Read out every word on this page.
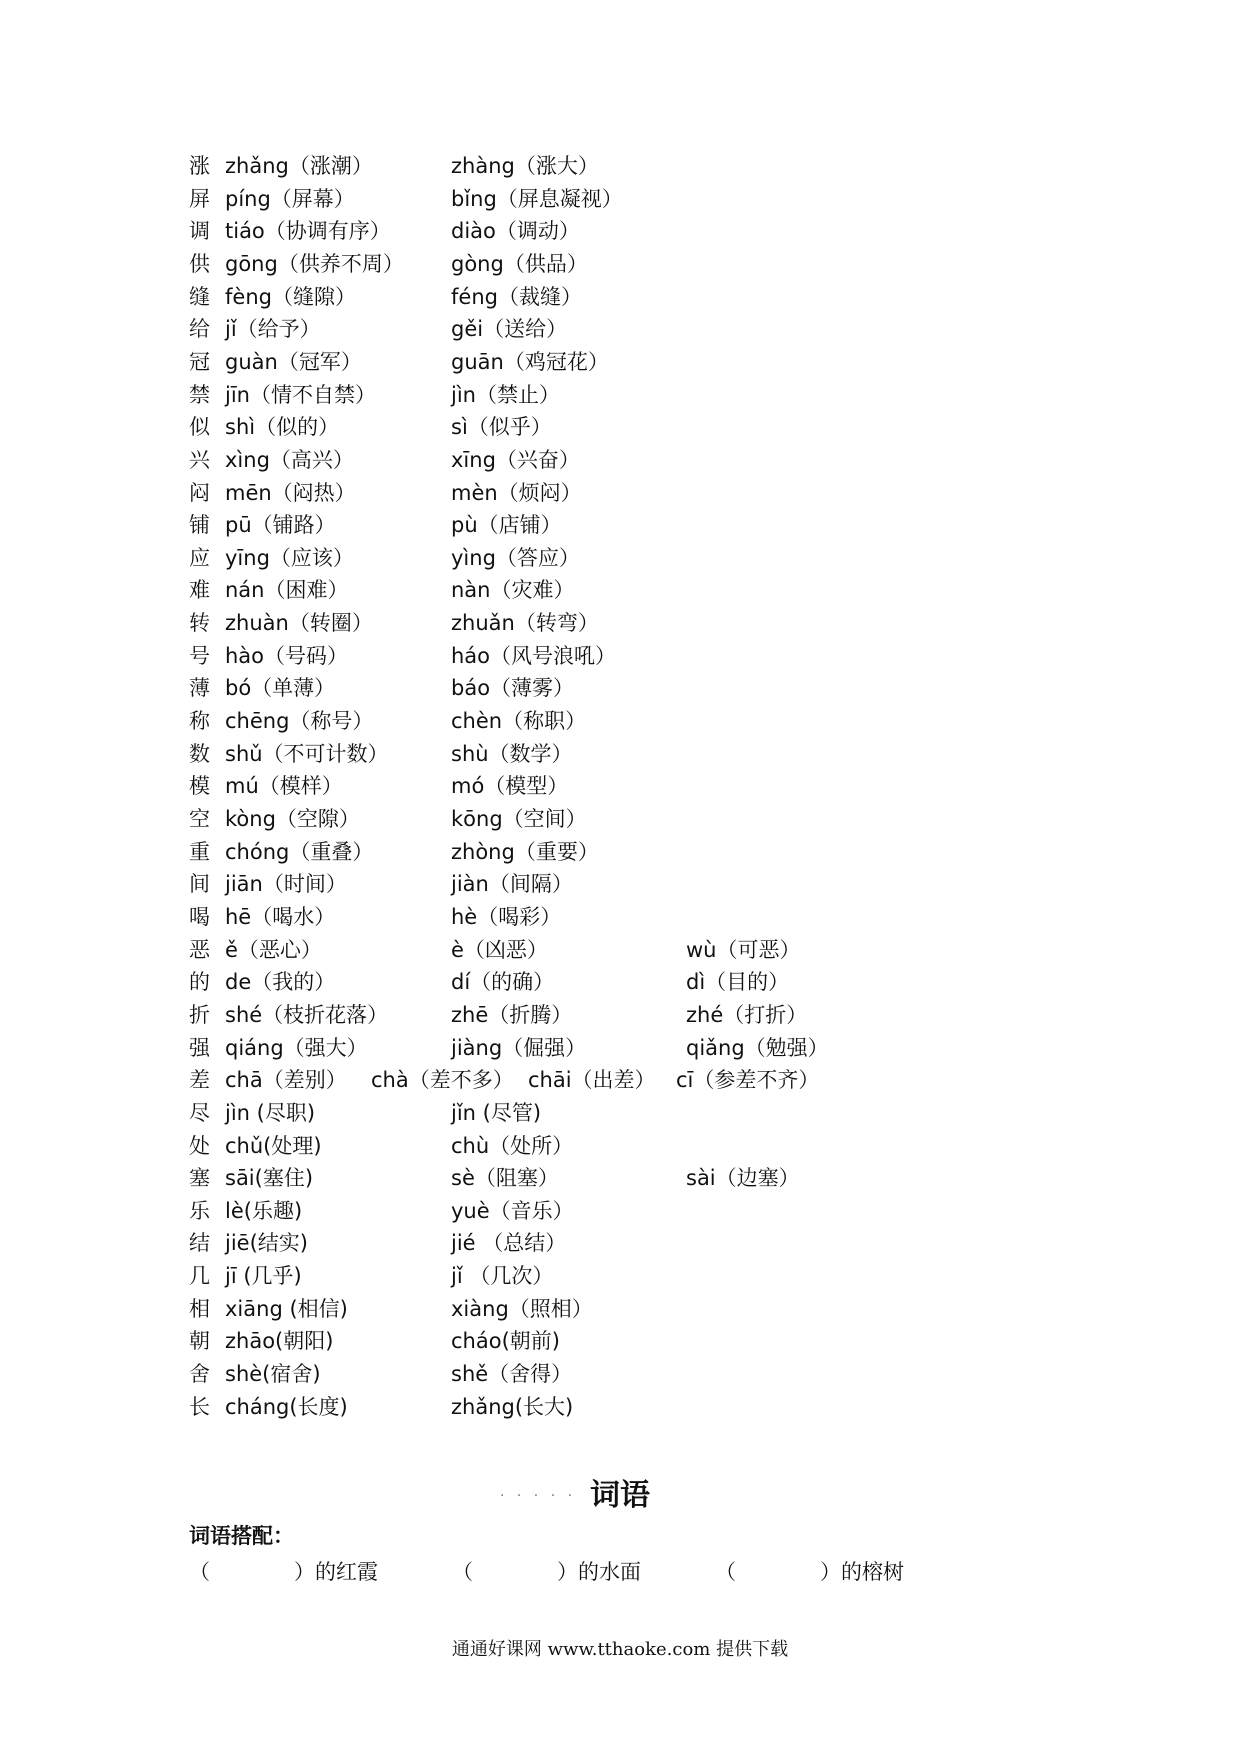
涨 zhǎng（涨潮）	zhàng（涨大）
屏 píng（屏幕）	bǐng（屏息凝视）
调 tiáo（协调有序）	diào（调动）
供 gōng（供养不周） gòng（供品）
缝 fèng（缝隙）	féng（裁缝）
给 jǐ（给予）	gěi（送给）
冠 guàn（冠军）	guān（鸡冠花）
禁 jīn（情不自禁）	jìn（禁止）
似 shì（似的）	sì（似乎）
兴 xìng（高兴）	xīng（兴奋）
闷 mēn（闷热）	mèn（烦闷）
铺 pū（铺路）	pù（店铺）
应 yīng（应该）	yìng（答应）
难 nán（困难）	nàn（灾难）
转 zhuàn（转圈）	zhuǎn（转弯）
号 hào（号码）	háo（风号浪吼）
薄 bó（单薄）	báo（薄雾）
称 chēng（称号）	chèn（称职）
数 shǔ（不可计数）	shù（数学）
模 mú（模样）	mó（模型）
空 kòng（空隙）	kōng（空间）
重 chóng（重叠）	zhòng（重要）
间 jiān（时间）	jiàn（间隔）
喝 hē（喝水）	hè（喝彩）
恶 ě（恶心）	è（凶恶）	wù（可恶）
的 de（我的）	dí（的确）	dì（目的）
折 shé（枝折花落）	zhē（折腾）	zhé（打折）
强 qiáng（强大）	jiàng（倔强）	qiǎng（勉强）
差 chā（差别） chà（差不多） chāi（出差） cī（参差不齐）
尽 jìn (尽职)	jǐn (尽管)
处 chǔ(处理)	chù（处所）
塞 sāi(塞住)	sè（阻塞）	sài（边塞）
乐 lè(乐趣)	yuè（音乐）
结 jiē(结实)	jié （总结）
几 jī (几乎)	jǐ （几次）
相 xiāng (相信)	xiàng（照相）
朝 zhāo(朝阳)	cháo(朝前)
舍 shè(宿舍)	shě（舍得）
长 cháng(长度)	zhǎng(长大)
. . . . . 词语
词语搭配：
（　　　　）的红霞	（　　　　）的水面	（　　　　）的榕树
通通好课网 www.tthaoke.com 提供下载
